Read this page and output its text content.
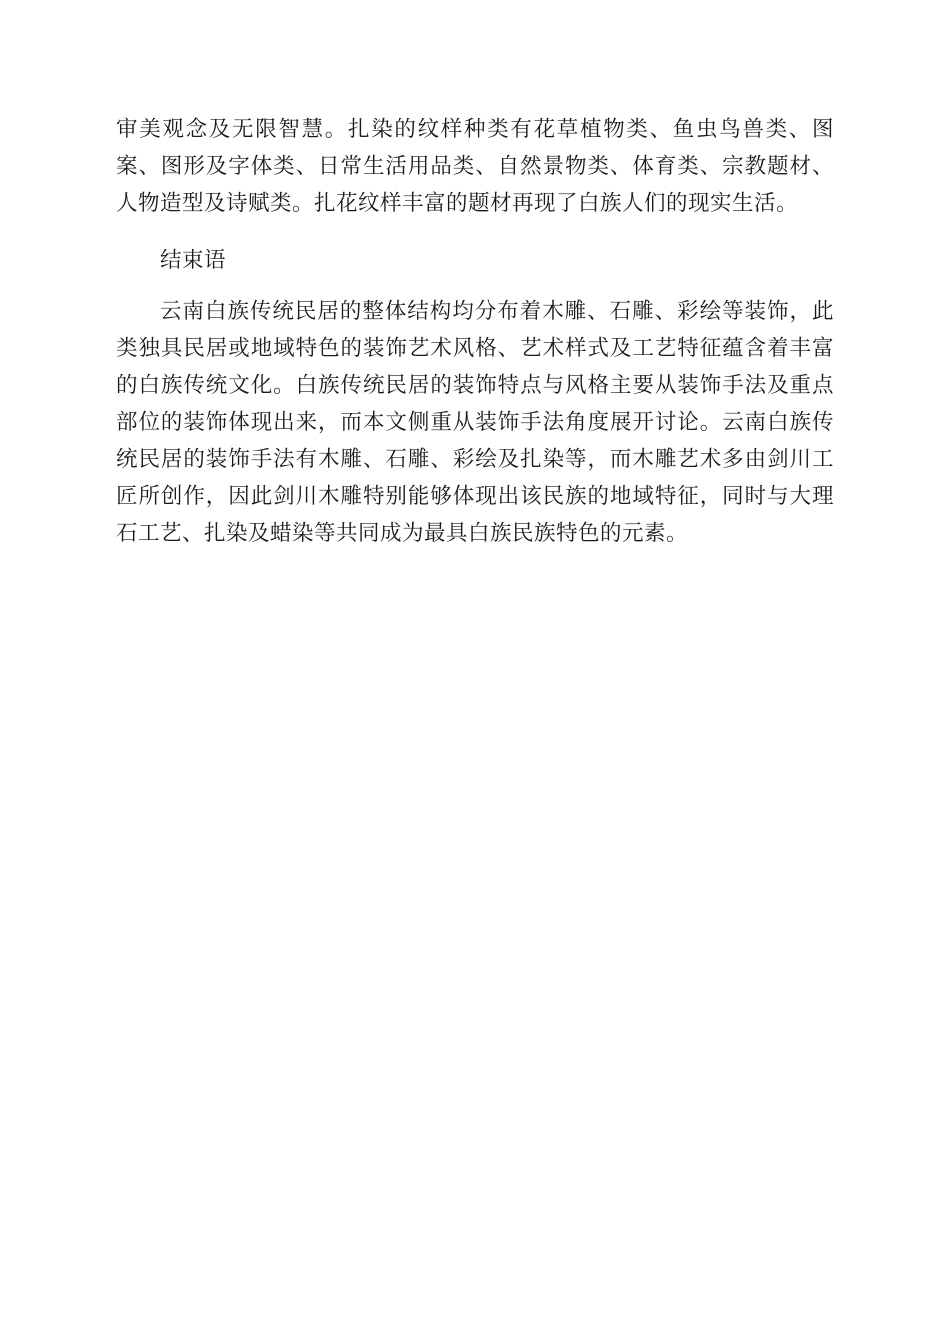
审美观念及无限智慧。扎染的纹样种类有花草植物类、鱼虫鸟兽类、图
案、图形及字体类、日常生活用品类、自然景物类、体育类、宗教题材、
人物造型及诗赋类。扎花纹样丰富的题材再现了白族人们的现实生活。
结束语
云南白族传统民居的整体结构均分布着木雕、石雕、彩绘等装饰，此
类独具民居或地域特色的装饰艺术风格、艺术样式及工艺特征蕴含着丰富
的白族传统文化。白族传统民居的装饰特点与风格主要从装饰手法及重点
部位的装饰体现出来，而本文侧重从装饰手法角度展开讨论。云南白族传
统民居的装饰手法有木雕、石雕、彩绘及扎染等，而木雕艺术多由剑川工
匠所创作，因此剑川木雕特别能够体现出该民族的地域特征，同时与大理
石工艺、扎染及蜡染等共同成为最具白族民族特色的元素。
